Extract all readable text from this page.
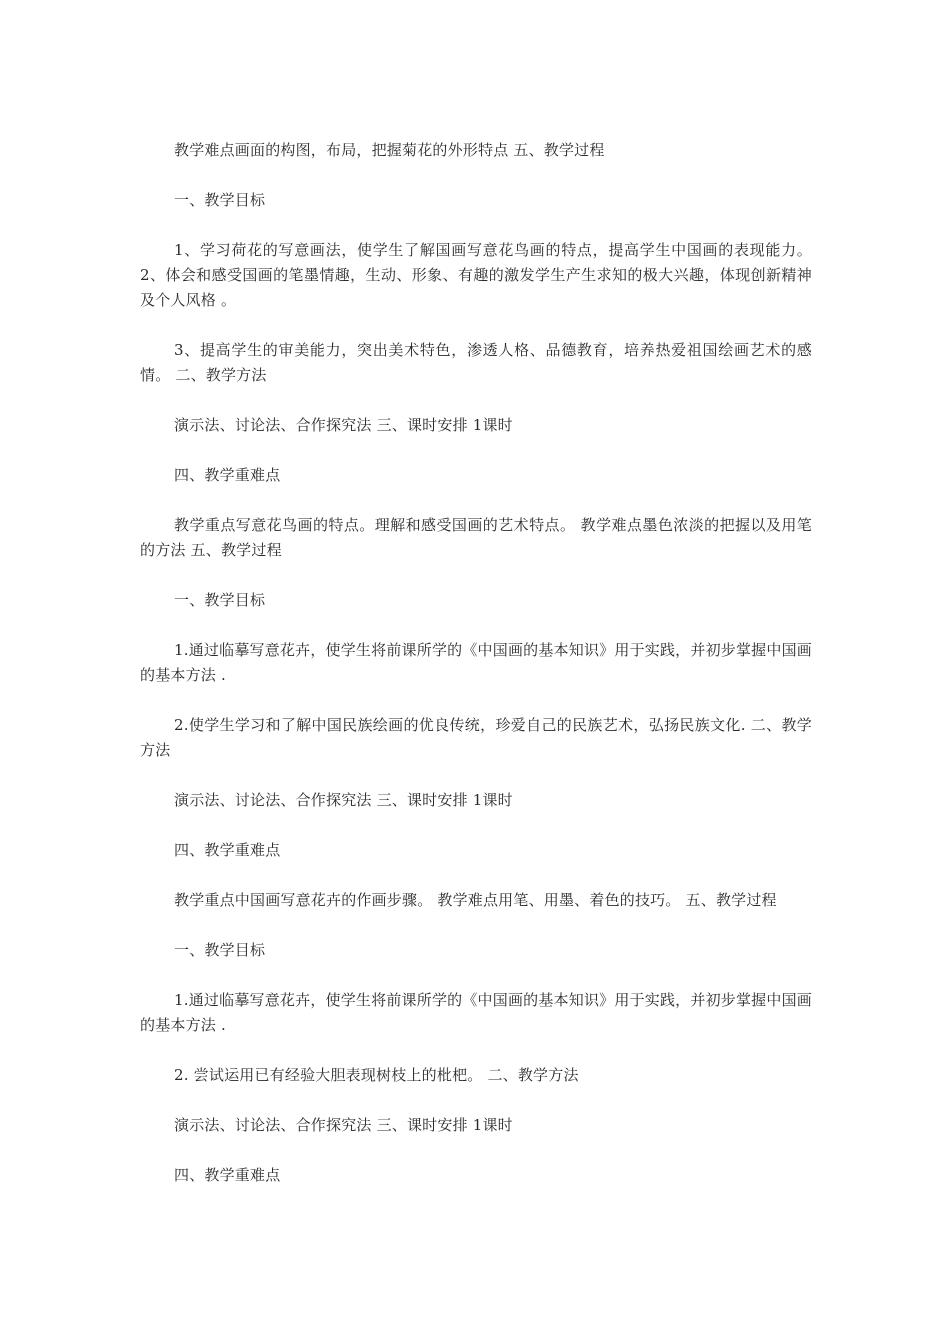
教学难点画面的构图，布局，把握菊花的外形特点 五、教学过程

一、教学目标

1、学习荷花的写意画法，使学生了解国画写意花鸟画的特点，提高学生中国画的表现能力。 2、体会和感受国画的笔墨情趣，生动、形象、有趣的激发学生产生求知的极大兴趣，体现创新精神及个人风格 。

3、提高学生的审美能力，突出美术特色，渗透人格、品德教育，培养热爱祖国绘画艺术的感情。 二、教学方法

演示法、讨论法、合作探究法 三、课时安排 1课时

四、教学重难点

教学重点写意花鸟画的特点。理解和感受国画的艺术特点。 教学难点墨色浓淡的把握以及用笔的方法 五、教学过程

一、教学目标

1.通过临摹写意花卉，使学生将前课所学的《中国画的基本知识》用于实践，并初步掌握中国画的基本方法 .

2.使学生学习和了解中国民族绘画的优良传统，珍爱自己的民族艺术，弘扬民族文化. 二、教学方法

演示法、讨论法、合作探究法 三、课时安排 1课时

四、教学重难点

教学重点中国画写意花卉的作画步骤。 教学难点用笔、用墨、着色的技巧。 五、教学过程

一、教学目标

1.通过临摹写意花卉，使学生将前课所学的《中国画的基本知识》用于实践，并初步掌握中国画的基本方法 .

2. 尝试运用已有经验大胆表现树枝上的枇杷。 二、教学方法

演示法、讨论法、合作探究法 三、课时安排 1课时

四、教学重难点
